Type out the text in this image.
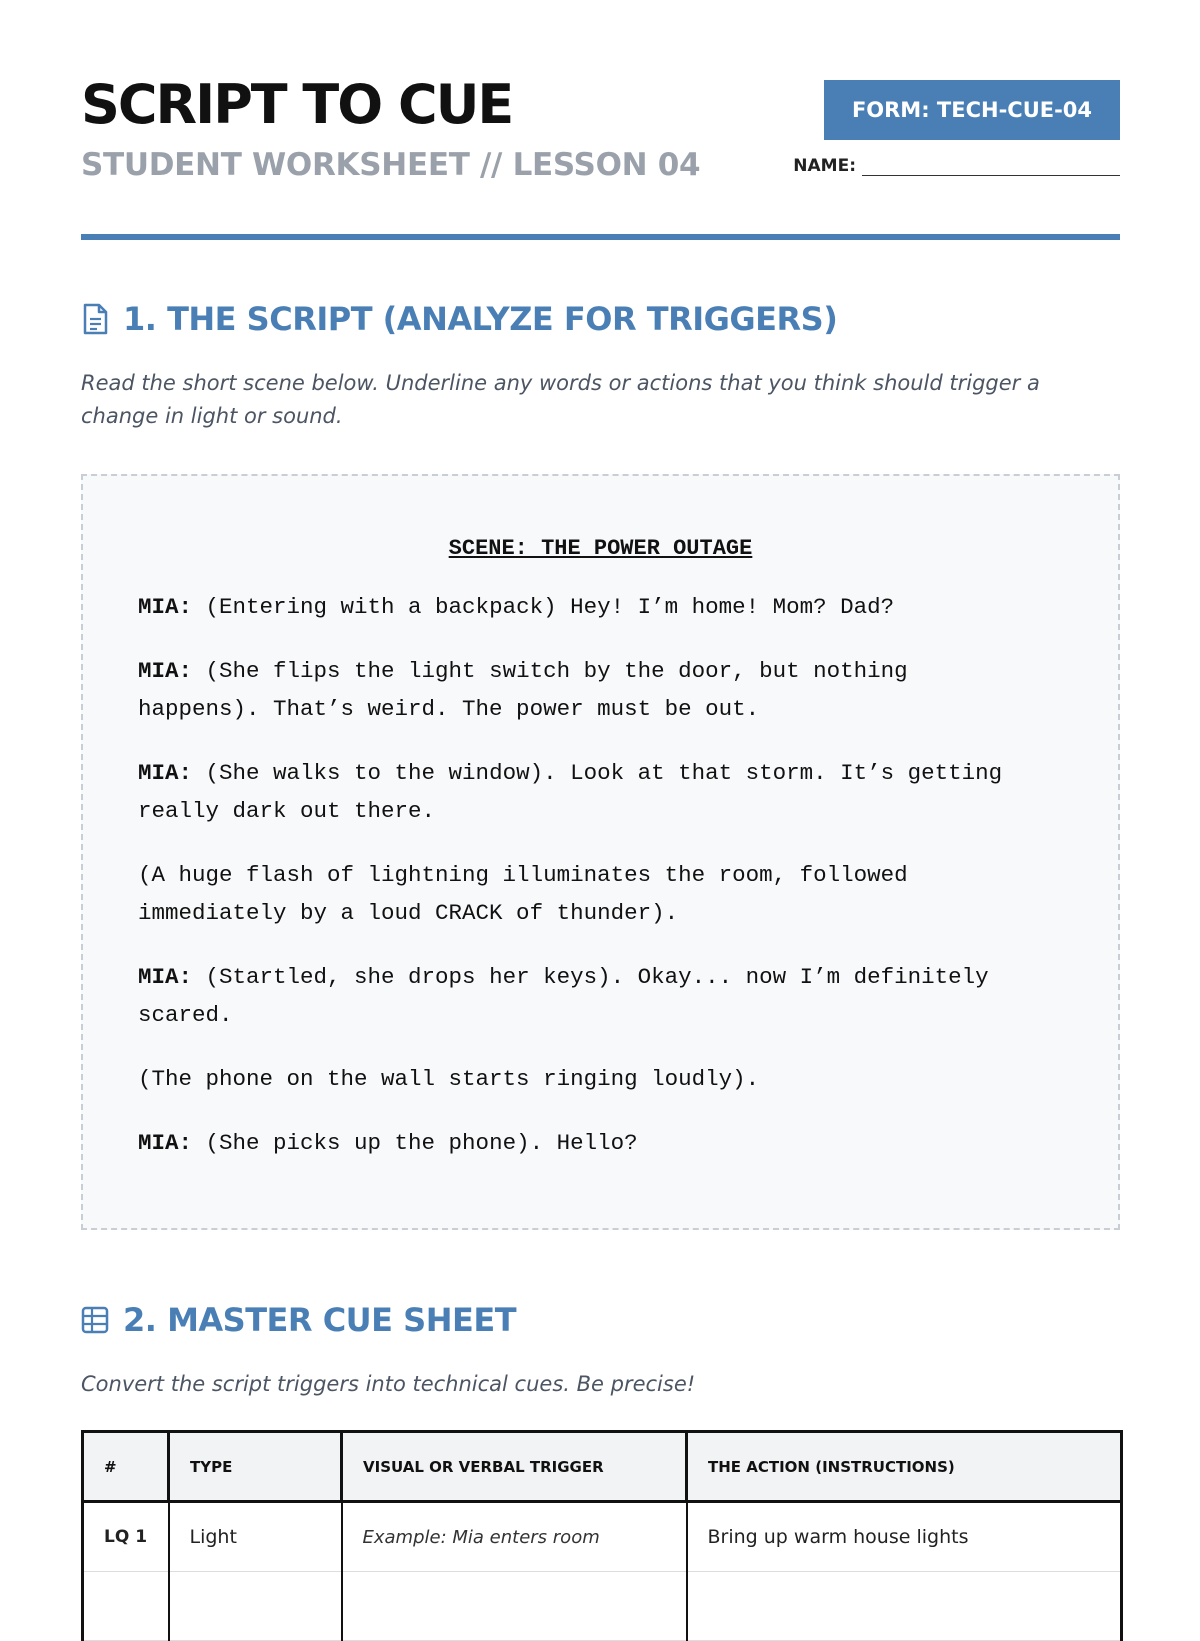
SCRIPT TO CUE
STUDENT WORKSHEET // LESSON 04
FORM: TECH-CUE-04
NAME:
1. THE SCRIPT (ANALYZE FOR TRIGGERS)
Read the short scene below. Underline any words or actions that you think should trigger a change in light or sound.
SCENE: THE POWER OUTAGE
MIA: (Entering with a backpack) Hey! I’m home! Mom? Dad?
MIA: (She flips the light switch by the door, but nothing happens). That’s weird. The power must be out.
MIA: (She walks to the window). Look at that storm. It’s getting really dark out there.
(A huge flash of lightning illuminates the room, followed immediately by a loud CRACK of thunder).
MIA: (Startled, she drops her keys). Okay... now I’m definitely scared.
(The phone on the wall starts ringing loudly).
MIA: (She picks up the phone). Hello?
2. MASTER CUE SHEET
Convert the script triggers into technical cues. Be precise!
#	TYPE	VISUAL OR VERBAL TRIGGER	THE ACTION (INSTRUCTIONS)
LQ 1	Light	Example: Mia enters room	Bring up warm house lights
